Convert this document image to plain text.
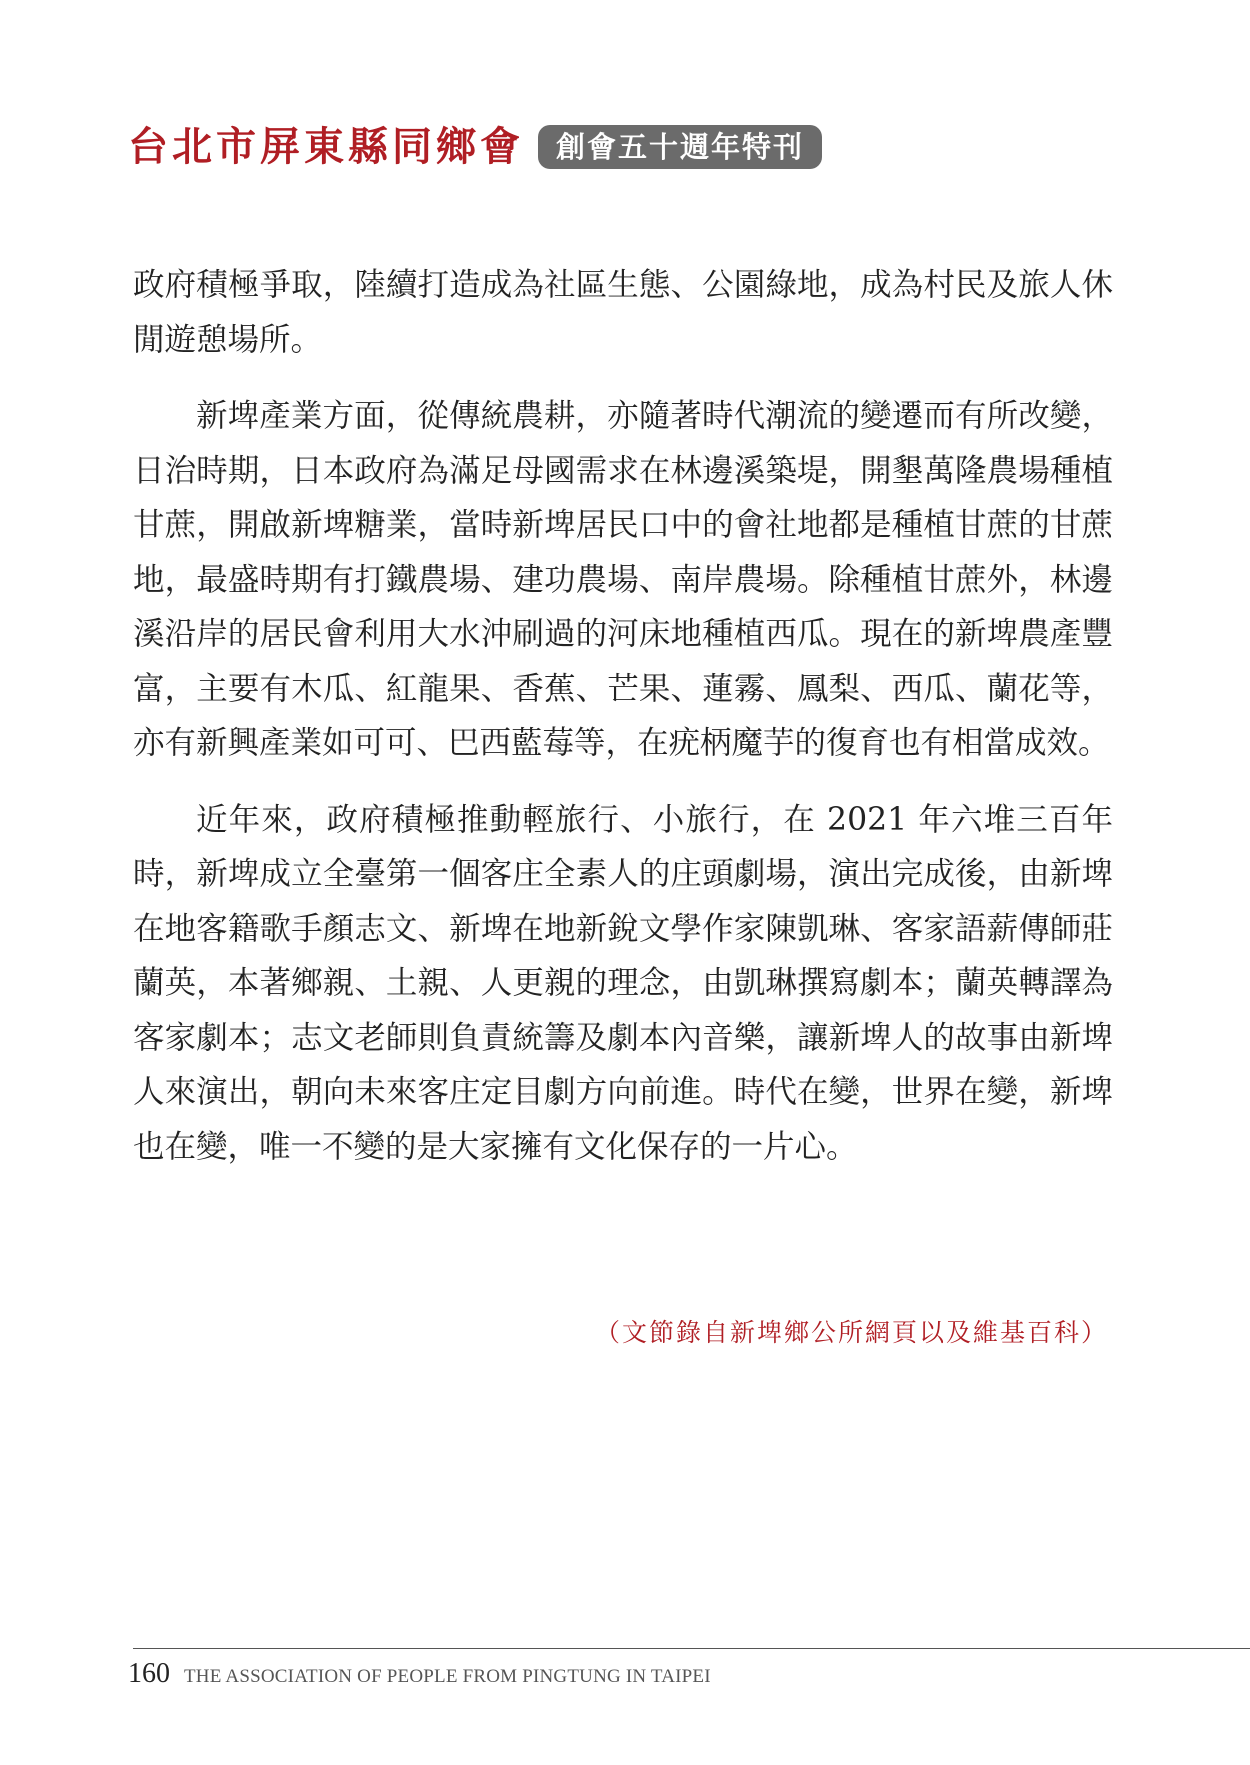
台北市屏東縣同鄉會	創會五十週年特刊

政府積極爭取，陸續打造成為社區生態、公園綠地，成為村民及旅人休閒遊憩場所。

新埤產業方面，從傳統農耕，亦隨著時代潮流的變遷而有所改變，日治時期，日本政府為滿足母國需求在林邊溪築堤，開墾萬隆農場種植甘蔗，開啟新埤糖業，當時新埤居民口中的會社地都是種植甘蔗的甘蔗地，最盛時期有打鐵農場、建功農場、南岸農場。除種植甘蔗外，林邊溪沿岸的居民會利用大水沖刷過的河床地種植西瓜。現在的新埤農產豐富，主要有木瓜、紅龍果、香蕉、芒果、蓮霧、鳳梨、西瓜、蘭花等，亦有新興產業如可可、巴西藍莓等，在疣柄魔芋的復育也有相當成效。

近年來，政府積極推動輕旅行、小旅行，在 2021 年六堆三百年時，新埤成立全臺第一個客庄全素人的庄頭劇場，演出完成後，由新埤在地客籍歌手顏志文、新埤在地新銳文學作家陳凱琳、客家語薪傳師莊蘭英，本著鄉親、土親、人更親的理念，由凱琳撰寫劇本；蘭英轉譯為客家劇本；志文老師則負責統籌及劇本內音樂，讓新埤人的故事由新埤人來演出，朝向未來客庄定目劇方向前進。時代在變，世界在變，新埤也在變，唯一不變的是大家擁有文化保存的一片心。

（文節錄自新埤鄉公所網頁以及維基百科）
160 THE ASSOCIATION OF PEOPLE FROM PINGTUNG IN TAIPEI
